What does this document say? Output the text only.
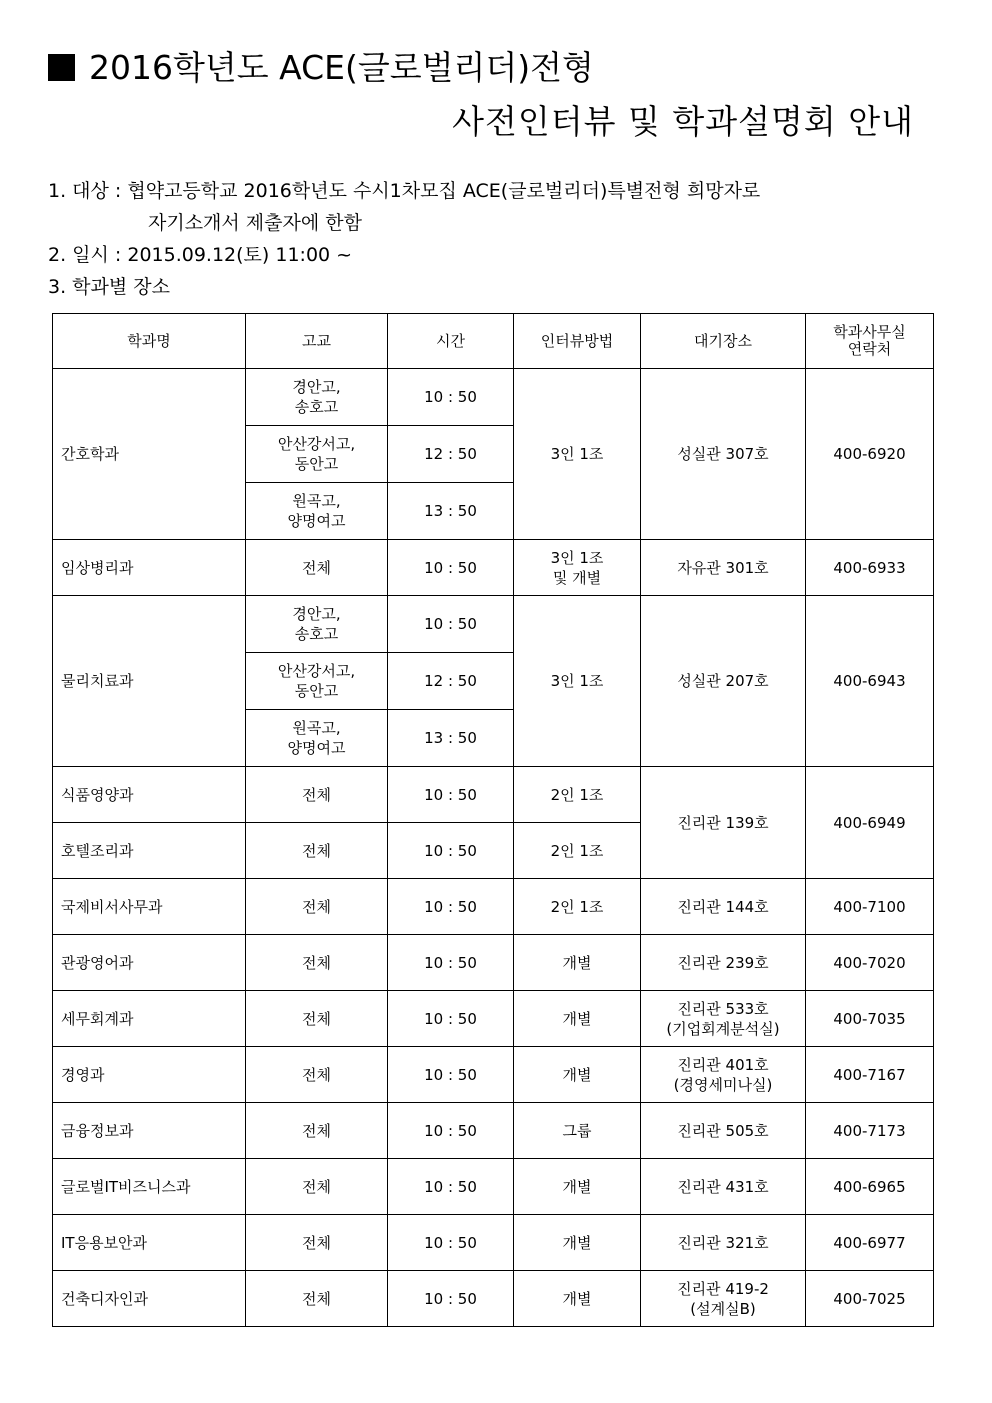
2016학년도 ACE(글로벌리더)전형
사전인터뷰 및 학과설명회 안내
1. 대상 : 협약고등학교 2016학년도 수시1차모집 ACE(글로벌리더)특별전형 희망자로
자기소개서 제출자에 한함
2. 일시 : 2015.09.12(토) 11:00 ~
3. 학과별 장소
학과명	고교	시간	인터뷰방법	대기장소	학과사무실
연락처
간호학과	경안고,
송호고	10 : 50	3인 1조	성실관 307호	400-6920
	안산강서고,
동안고	12 : 50			
	원곡고,
양명여고	13 : 50			
임상병리과	전체	10 : 50	3인 1조
및 개별	자유관 301호	400-6933
물리치료과	경안고,
송호고	10 : 50	3인 1조	성실관 207호	400-6943
	안산강서고,
동안고	12 : 50			
	원곡고,
양명여고	13 : 50			
식품영양과	전체	10 : 50	2인 1조	진리관 139호	400-6949
호텔조리과	전체	10 : 50	2인 1조		
국제비서사무과	전체	10 : 50	2인 1조	진리관 144호	400-7100
관광영어과	전체	10 : 50	개별	진리관 239호	400-7020
세무회계과	전체	10 : 50	개별	진리관 533호
(기업회계분석실)	400-7035
경영과	전체	10 : 50	개별	진리관 401호
(경영세미나실)	400-7167
금융정보과	전체	10 : 50	그룹	진리관 505호	400-7173
글로벌IT비즈니스과	전체	10 : 50	개별	진리관 431호	400-6965
IT응용보안과	전체	10 : 50	개별	진리관 321호	400-6977
건축디자인과	전체	10 : 50	개별	진리관 419-2
(설계실B)	400-7025
